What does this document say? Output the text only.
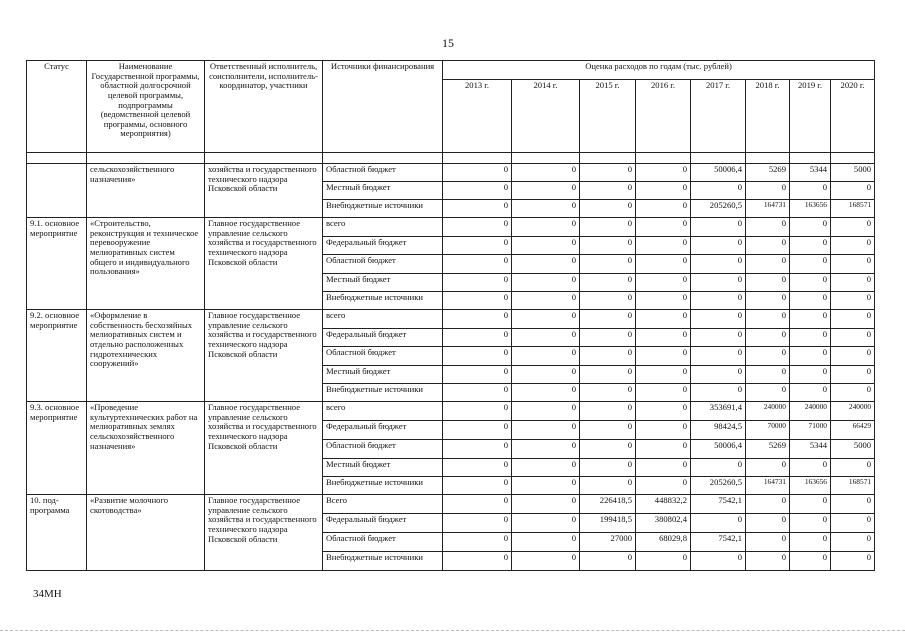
15
Статус	Наименование Государственной программы, областной долгосрочной целевой программы, подпрограммы (ведомственной целевой программы, основного мероприятия)	Ответственный исполнитель, соисполнители, исполнитель-координатор, участники	Источники финансирования	Оценка расходов по годам (тыс. рублей)							
				2013 г.	2014 г.	2015 г.	2016 г.	2017 г.	2018 г.	2019 г.	2020 г.

	сельскохозяйственного назначения»	хозяйства и государственного технического надзора Псковской области	Областной бюджет	0	0	0	0	50006,4	5269	5344	5000
			Местный бюджет	0	0	0	0	0	0	0	0
			Внебюджетные источники	0	0	0	0	205260,5	164731	163656	168571
9.1. основное мероприятие	«Строительство, реконструкция и техническое перевооружение мелиоративных систем общего и индивидуального пользования»	Главное государственное управление сельского хозяйства и государственного технического надзора Псковской области	всего	0	0	0	0	0	0	0	0
			Федеральный бюджет	0	0	0	0	0	0	0	0
			Областной бюджет	0	0	0	0	0	0	0	0
			Местный бюджет	0	0	0	0	0	0	0	0
			Внебюджетные источники	0	0	0	0	0	0	0	0
9.2. основное мероприятие	«Оформление в собственность бесхозяйных мелиоративных систем и отдельно расположенных гидротехнических сооружений»	Главное государственное управление сельского хозяйства и государственного технического надзора Псковской области	всего	0	0	0	0	0	0	0	0
			Федеральный бюджет	0	0	0	0	0	0	0	0
			Областной бюджет	0	0	0	0	0	0	0	0
			Местный бюджет	0	0	0	0	0	0	0	0
			Внебюджетные источники	0	0	0	0	0	0	0	0
9.3. основное мероприятие	«Проведение культуртехнических работ на мелиоративных землях сельскохозяйственного назначения»	Главное государственное управление сельского хозяйства и государственного технического надзора Псковской области	всего	0	0	0	0	353691,4	240000	240000	240000
			Федеральный бюджет	0	0	0	0	98424,5	70000	71000	66429
			Областной бюджет	0	0	0	0	50006,4	5269	5344	5000
			Местный бюджет	0	0	0	0	0	0	0	0
			Внебюджетные источники	0	0	0	0	205260,5	164731	163656	168571
10. под-программа	«Развитие молочного скотоводства»	Главное государственное управление сельского хозяйства и государственного технического надзора Псковской области	Всего	0	0	226418,5	448832,2	7542,1	0	0	0
			Федеральный бюджет	0	0	199418,5	380802,4	0	0	0	0
			Областной бюджет	0	0	27000	68029,8	7542,1	0	0	0
			Внебюджетные источники	0	0	0	0	0	0	0	0
34МН
